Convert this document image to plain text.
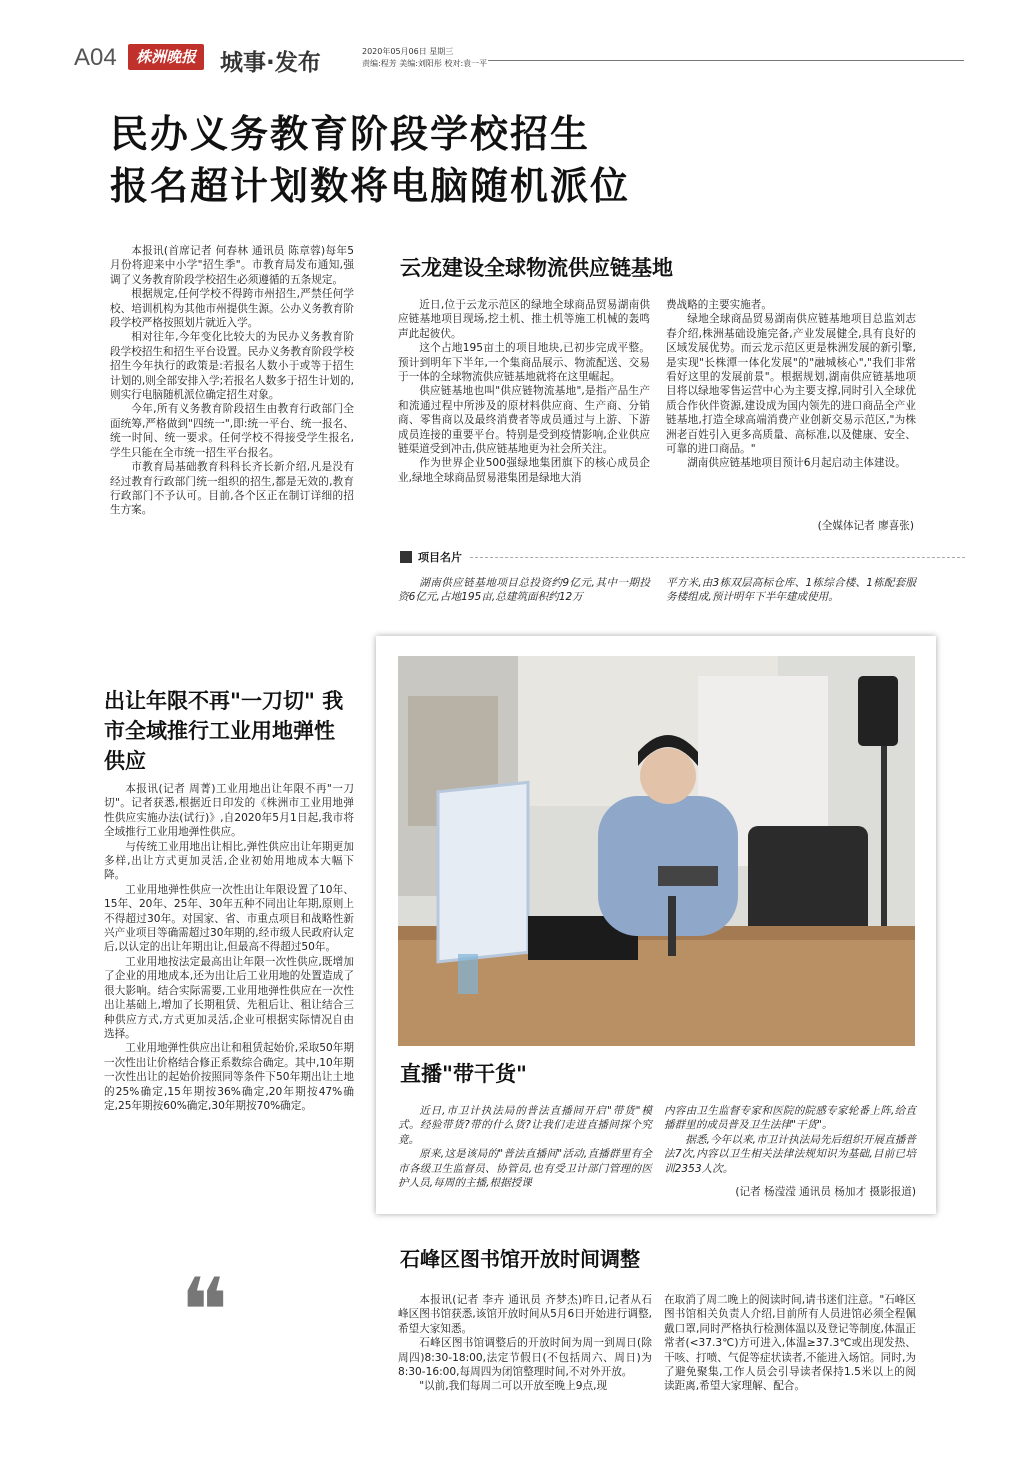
A04	株洲晚报	城事·发布	2020年05月06日 星期三
责编:程芳 美编:刘阳彤 校对:袁一平
民办义务教育阶段学校招生
报名超计划数将电脑随机派位

本报讯(首席记者 何春林 通讯员 陈章蓉)每年5月份将迎来中小学"招生季"。市教育局发布通知,强调了义务教育阶段学校招生必须遵循的五条规定。

根据规定,任何学校不得跨市州招生,严禁任何学校、培训机构为其他市州提供生源。公办义务教育阶段学校严格按照划片就近入学。

相对往年,今年变化比较大的为民办义务教育阶段学校招生和招生平台设置。民办义务教育阶段学校招生今年执行的政策是:若报名人数小于或等于招生计划的,则全部安排入学;若报名人数多于招生计划的,则实行电脑随机派位确定招生对象。

今年,所有义务教育阶段招生由教育行政部门全面统筹,严格做到"四统一",即:统一平台、统一报名、统一时间、统一要求。任何学校不得接受学生报名,学生只能在全市统一招生平台报名。

市教育局基础教育科科长齐长新介绍,凡是没有经过教育行政部门统一组织的招生,都是无效的,教育行政部门不予认可。目前,各个区正在制订详细的招生方案。

云龙建设全球物流供应链基地

近日,位于云龙示范区的绿地全球商品贸易湖南供应链基地项目现场,挖土机、推土机等施工机械的轰鸣声此起彼伏。

这个占地195亩土的项目地块,已初步完成平整。预计到明年下半年,一个集商品展示、物流配送、交易于一体的全球物流供应链基地就将在这里崛起。

供应链基地也叫"供应链物流基地",是指产品生产和流通过程中所涉及的原材料供应商、生产商、分销商、零售商以及最终消费者等成员通过与上游、下游成员连接的重要平台。特别是受到疫情影响,企业供应链渠道受到冲击,供应链基地更为社会所关注。

作为世界企业500强绿地集团旗下的核心成员企业,绿地全球商品贸易港集团是绿地大消

费战略的主要实施者。

绿地全球商品贸易湖南供应链基地项目总监刘志春介绍,株洲基础设施完备,产业发展健全,具有良好的区域发展优势。而云龙示范区更是株洲发展的新引擎,是实现"长株潭一体化发展"的"融城核心","我们非常看好这里的发展前景"。根据规划,湖南供应链基地项目将以绿地零售运营中心为主要支撑,同时引入全球优质合作伙伴资源,建设成为国内领先的进口商品全产业链基地,打造全球高端消费产业创新交易示范区,"为株洲老百姓引入更多高质量、高标准,以及健康、安全、可靠的进口商品。"

湖南供应链基地项目预计6月起启动主体建设。

(全媒体记者 廖喜张)
项目名片

湖南供应链基地项目总投资约9亿元,其中一期投资6亿元,占地195亩,总建筑面积约12万

平方米,由3栋双层高标仓库、1栋综合楼、1栋配套服务楼组成,预计明年下半年建成使用。

出让年限不再"一刀切" 我市全域推行工业用地弹性供应

本报讯(记者 周菁)工业用地出让年限不再"一刀切"。记者获悉,根据近日印发的《株洲市工业用地弹性供应实施办法(试行)》,自2020年5月1日起,我市将全域推行工业用地弹性供应。

与传统工业用地出让相比,弹性供应出让年期更加多样,出让方式更加灵活,企业初始用地成本大幅下降。

工业用地弹性供应一次性出让年限设置了10年、15年、20年、25年、30年五种不同出让年期,原则上不得超过30年。对国家、省、市重点项目和战略性新兴产业项目等确需超过30年期的,经市级人民政府认定后,以认定的出让年期出让,但最高不得超过50年。

工业用地按法定最高出让年限一次性供应,既增加了企业的用地成本,还为出让后工业用地的处置造成了很大影响。结合实际需要,工业用地弹性供应在一次性出让基础上,增加了长期租赁、先租后让、租让结合三种供应方式,方式更加灵活,企业可根据实际情况自由选择。

工业用地弹性供应出让和租赁起始价,采取50年期一次性出让价格结合修正系数综合确定。其中,10年期一次性出让的起始价按照同等条件下50年期出让土地的25%确定,15年期按36%确定,20年期按47%确定,25年期按60%确定,30年期按70%确定。

直播"带干货"

近日,市卫计执法局的普法直播间开启"带货"模式。经验带货?带的什么货?让我们走进直播间探个究竟。

原来,这是该局的"普法直播间"活动,直播群里有全市各级卫生监督员、协管员,也有受卫计部门管理的医护人员,每周的主播,根据授课

内容由卫生监督专家和医院的院感专家轮番上阵,给直播群里的成员普及卫生法律"干货"。

据悉,今年以来,市卫计执法局先后组织开展直播普法7次,内容以卫生相关法律法规知识为基础,目前已培训2353人次。

(记者 杨滢滢 通讯员 杨加才 摄影报道)
❝	石峰区图书馆开放时间调整

本报讯(记者 李卉 通讯员 齐梦杰)昨日,记者从石峰区图书馆获悉,该馆开放时间从5月6日开始进行调整,希望大家知悉。

石峰区图书馆调整后的开放时间为周一到周日(除周四)8:30-18:00,法定节假日(不包括周六、周日)为8:30-16:00,每周四为闭馆整理时间,不对外开放。

"以前,我们每周二可以开放至晚上9点,现

在取消了周二晚上的阅读时间,请书迷们注意。"石峰区图书馆相关负责人介绍,目前所有人员进馆必须全程佩戴口罩,同时严格执行检测体温以及登记等制度,体温正常者(<37.3℃)方可进入,体温≥37.3℃或出现发热、干咳、打喷、气促等症状读者,不能进入场馆。同时,为了避免聚集,工作人员会引导读者保持1.5米以上的阅读距离,希望大家理解、配合。
